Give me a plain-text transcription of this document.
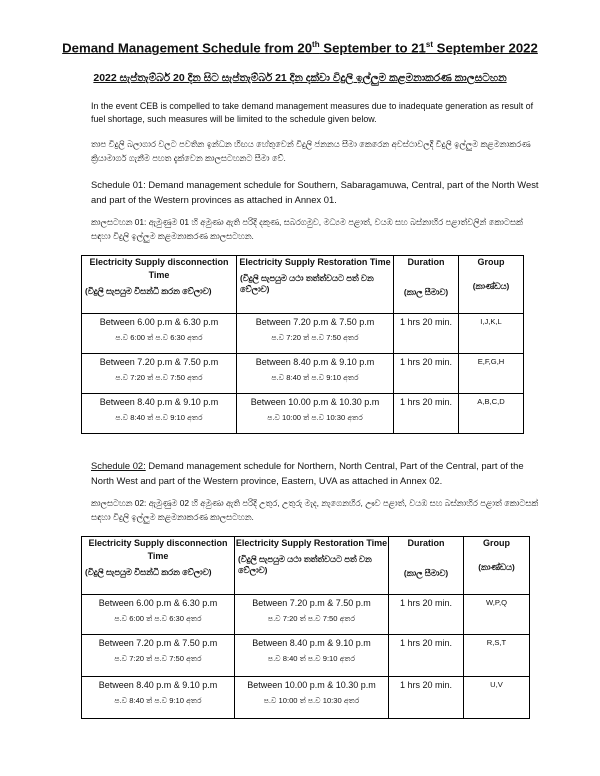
Demand Management Schedule from 20th September to 21st September 2022
2022 සැප්තැම්බර් 20 දින සිට සැප්තැම්බර් 21 දින දක්වා විදුලි ඉල්ලුම කළමනාකරණ කාලසටහන
In the event CEB is compelled to take demand management measures due to inadequate generation as result of fuel shortage, such measures will be limited to the schedule given below.
තාප විදුලි බලාගාර වලට පවතින ඉන්ධන හිඟය හේතුවෙන් විදුලි ජනනය සීමා කෙරෙන අවස්ථාවලදී විදුලි ඉල්ලුම කළමනාකරණ ක්‍රියාමාර්ග ගැනීම පහත දැක්වෙන කාලසටහනට සීමා වේ.
Schedule 01: Demand management schedule for Southern, Sabaragamuwa, Central, part of the North West and part of the Western provinces as attached in Annex 01.
කාලසටහන 01: ඇමුණුම 01 හි අමුණා ඇති පරිදි දකුණ, සබරගමුව, මධ්‍යම පළාත්, වයඹ සහ බස්නාහිර පළාත්වලින් කොටසක් සඳහා විදුලි ඉල්ලුම කළමනාකරණ කාලසටහන.
Electricity Supply disconnection Time
(විදුලි සැපයුම විසන්ධි කරන වේලාව)	Electricity Supply Restoration Time
(විදුලි සැපයුම යථා තත්ත්වයට පත් වන වේලාව)	Duration
(කාල සීමාව)	Group
(කාණ්ඩය)

Between 6.00 p.m & 6.30 p.m
ප.ව 6:00 ත් ප.ව 6:30 අතර	Between 7.20 p.m & 7.50 p.m
ප.ව 7:20 ත් ප.ව 7:50 අතර	1 hrs 20 min.	I,J,K,L

Between 7.20 p.m & 7.50 p.m
ප.ව 7:20 ත් ප.ව 7:50 අතර	Between 8.40 p.m & 9.10 p.m
ප.ව 8:40 ත් ප.ව 9:10 අතර	1 hrs 20 min.	E,F,G,H

Between 8.40 p.m & 9.10 p.m
ප.ව 8:40 ත් ප.ව 9:10 අතර	Between 10.00 p.m & 10.30 p.m
ප.ව 10:00 ත් ප.ව 10:30 අතර	1 hrs 20 min.	A,B,C,D
Schedule 02: Demand management schedule for Northern, North Central, Part of the Central, part of the North West and part of the Western province, Eastern, UVA as attached in Annex 02.
කාලසටහන 02: ඇමුණුම 02 හි අමුණා ඇති පරිදි උතුර, උතුරු මැද, නැගෙනහිර, ඌව පළාත්, වයඹ සහ බස්නාහිර පළාත් කොටසක් සඳහා විදුලි ඉල්ලුම කළමනාකරණ කාලසටහන.
Electricity Supply disconnection Time
(විදුලි සැපයුම විසන්ධි කරන වේලාව)	Electricity Supply Restoration Time
(විදුලි සැපයුම යථා තත්ත්වයට පත් වන වේලාව)	Duration
(කාල සීමාව)	Group
(කාණ්ඩය)

Between 6.00 p.m & 6.30 p.m
ප.ව 6:00 ත් ප.ව 6:30 අතර	Between 7.20 p.m & 7.50 p.m
ප.ව 7:20 ත් ප.ව 7:50 අතර	1 hrs 20 min.	W,P,Q

Between 7.20 p.m & 7.50 p.m
ප.ව 7:20 ත් ප.ව 7:50 අතර	Between 8.40 p.m & 9.10 p.m
ප.ව 8:40 ත් ප.ව 9:10 අතර	1 hrs 20 min.	R,S,T

Between 8.40 p.m & 9.10 p.m
ප.ව 8:40 ත් ප.ව 9:10 අතර	Between 10.00 p.m & 10.30 p.m
ප.ව 10:00 ත් ප.ව 10:30 අතර	1 hrs 20 min.	U,V
